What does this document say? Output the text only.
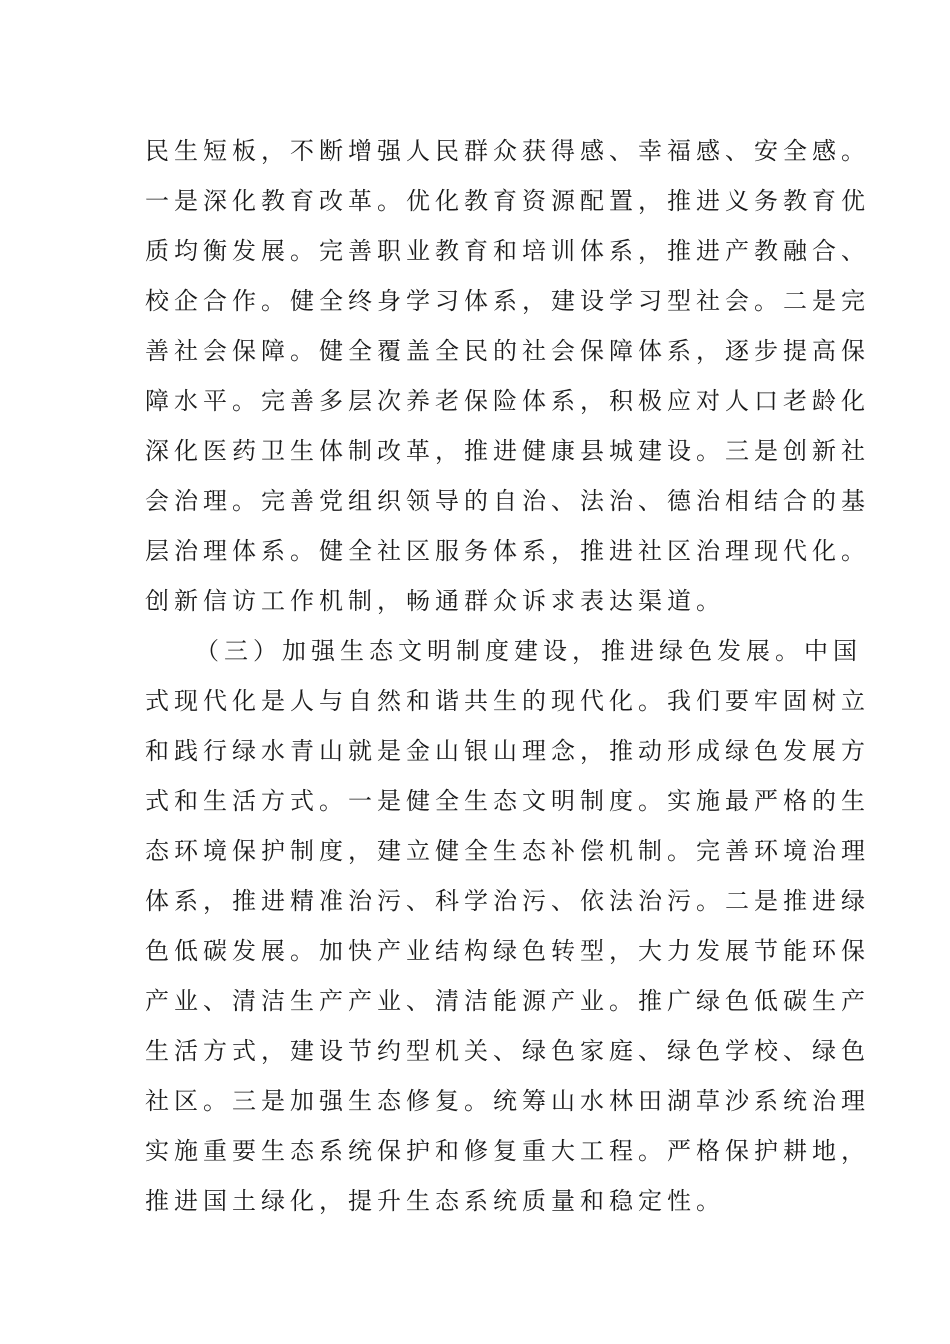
民生短板，不断增强人民群众获得感、幸福感、安全感。
一是深化教育改革。优化教育资源配置，推进义务教育优
质均衡发展。完善职业教育和培训体系，推进产教融合、
校企合作。健全终身学习体系，建设学习型社会。二是完
善社会保障。健全覆盖全民的社会保障体系，逐步提高保
障水平。完善多层次养老保险体系，积极应对人口老龄化
深化医药卫生体制改革，推进健康县城建设。三是创新社
会治理。完善党组织领导的自治、法治、德治相结合的基
层治理体系。健全社区服务体系，推进社区治理现代化。
创新信访工作机制，畅通群众诉求表达渠道。
（三）加强生态文明制度建设，推进绿色发展。中国
式现代化是人与自然和谐共生的现代化。我们要牢固树立
和践行绿水青山就是金山银山理念，推动形成绿色发展方
式和生活方式。一是健全生态文明制度。实施最严格的生
态环境保护制度，建立健全生态补偿机制。完善环境治理
体系，推进精准治污、科学治污、依法治污。二是推进绿
色低碳发展。加快产业结构绿色转型，大力发展节能环保
产业、清洁生产产业、清洁能源产业。推广绿色低碳生产
生活方式，建设节约型机关、绿色家庭、绿色学校、绿色
社区。三是加强生态修复。统筹山水林田湖草沙系统治理
实施重要生态系统保护和修复重大工程。严格保护耕地，
推进国土绿化，提升生态系统质量和稳定性。
